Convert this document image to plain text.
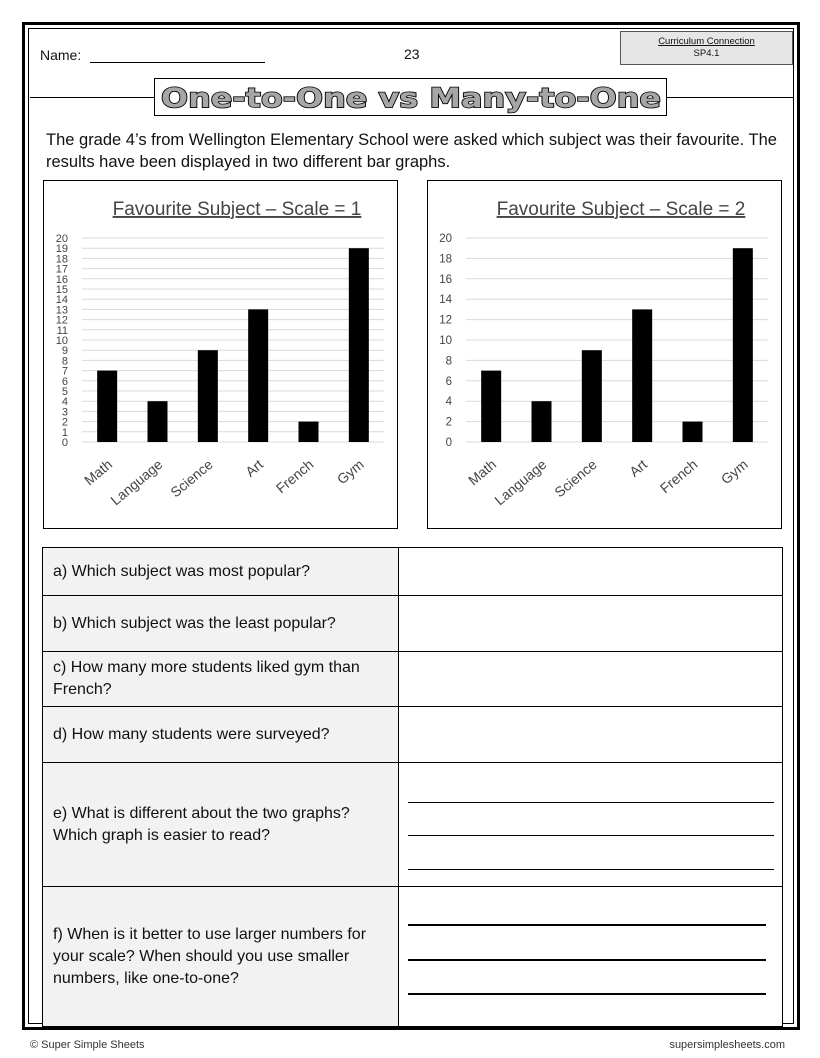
Name:	23
Curriculum Connection
SP4.1
One-to-One vs Many-to-One
The grade 4’s from Wellington Elementary School were asked which subject was their favourite. The results have been displayed in two different bar graphs.
Favourite Subject – Scale = 1
0
1
2
3
4
5
6
7
8
9
10
11
12
13
14
15
16
17
18
19
20
Math
Language Science Art French Gym
Favourite Subject – Scale = 2
0
2
4
6
8
10
12
14
16
18
20
Math
Language Science Art French Gym
a) Which subject was most popular?	
b) Which subject was the least popular?	
c) How many more students liked gym than French?	
d) How many students were surveyed?	
e) What is different about the two graphs? Which graph is easier to read?	

f) When is it better to use larger numbers for your scale? When should you use smaller numbers, like one-to-one?	
© Super Simple Sheets	supersimplesheets.com
